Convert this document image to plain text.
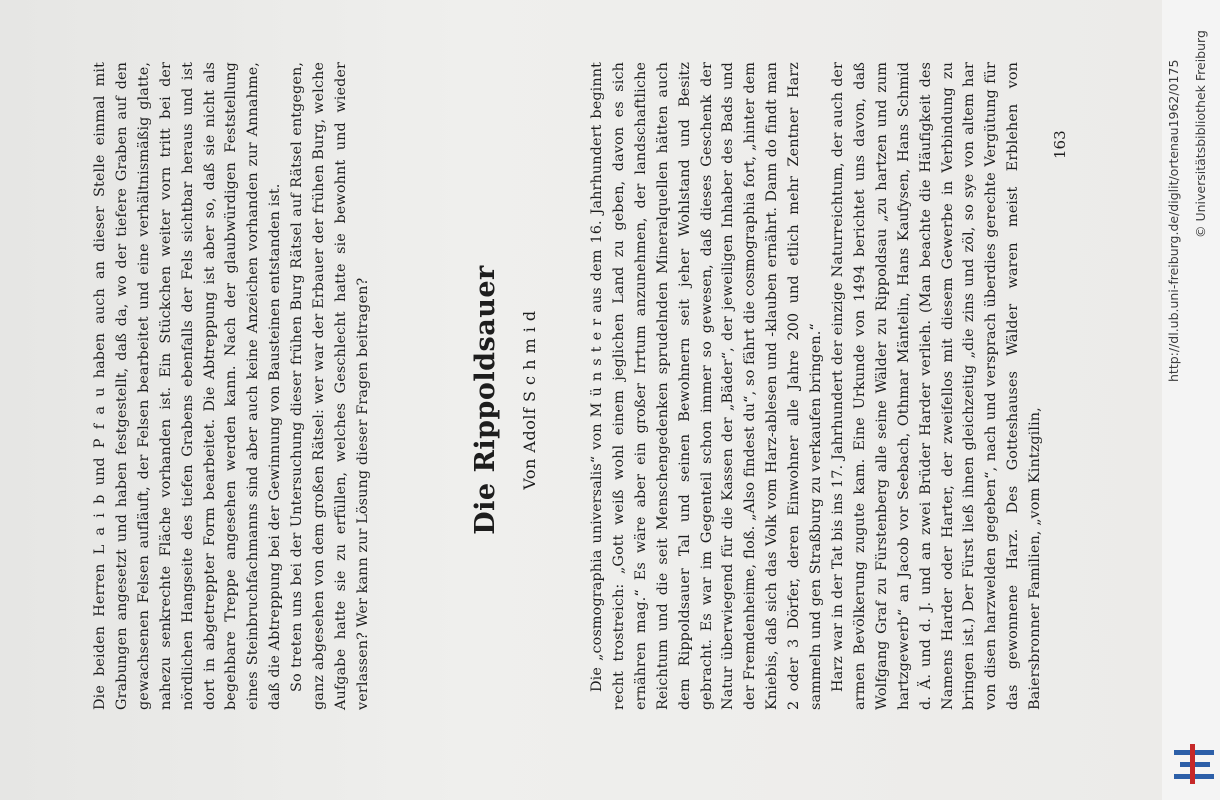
Die beiden Herren L a i b und P f a u haben auch an dieser Stelle einmal mit Grabungen angesetzt und haben festgestellt, daß da, wo der tiefere Graben auf den gewachsenen Felsen aufläuft, der Felsen bearbeitet und eine verhältnismäßig glatte, nahezu senkrechte Fläche vorhanden ist. Ein Stückchen weiter vorn tritt bei der nördlichen Hangseite des tiefen Grabens ebenfalls der Fels sichtbar heraus und ist dort in abgetreppter Form bearbeitet. Die Abtreppung ist aber so, daß sie nicht als begehbare Treppe angesehen werden kann. Nach der glaubwürdigen Feststellung eines Steinbruchfachmanns sind aber auch keine Anzeichen vorhanden zur Annahme, daß die Abtreppung bei der Gewinnung von Bausteinen entstanden ist. So treten uns bei der Untersuchung dieser frühen Burg Rätsel auf Rätsel entgegen, ganz abgesehen von dem großen Rätsel: wer war der Erbauer der frühen Burg, welche Aufgabe hatte sie zu erfüllen, welches Geschlecht hatte sie bewohnt und wieder verlassen? Wer kann zur Lösung dieser Fragen beitragen?	Die Rippoldsauer Von Adolf S c h m i d	Die „cosmographia universalis“ von M ü n s t e r aus dem 16. Jahrhundert beginnt recht trostreich: „Gott weiß wohl einem jeglichen Land zu geben, davon es sich ernähren mag.“ Es wäre aber ein großer Irrtum anzunehmen, der landschaftliche Reichtum und die seit Menschengedenken sprudelnden Mineralquellen hätten auch dem Rippoldsauer Tal und seinen Bewohnern seit jeher Wohlstand und Besitz gebracht. Es war im Gegenteil schon immer so gewesen, daß dieses Geschenk der Natur überwiegend für die Kassen der „Bäder“, der jeweiligen Inhaber des Bads und der Fremdenheime, floß. „Also findest du“, so fährt die cosmographia fort, „hinter dem Kniebis, daß sich das Volk vom Harz-ablesen und -klauben ernährt. Dann do findt man 2 oder 3 Dörfer, deren Einwohner alle Jahre 200 und etlich mehr Zentner Harz sammeln und gen Straßburg zu verkaufen bringen.“ Harz war in der Tat bis ins 17. Jahrhundert der einzige Naturreichtum, der auch der armen Bevölkerung zugute kam. Eine Urkunde von 1494 berichtet uns davon, daß Wolfgang Graf zu Fürstenberg alle seine Wälder zu Rippoldsau „zu hartzen und zum hartzgewerb“ an Jacob vor Seebach, Othmar Mäntelin, Hans Kaufysen, Hans Schmid d. Ä. und d. J. und an zwei Brüder Harder verlieh. (Man beachte die Häufigkeit des Namens Harder oder Harter, der zweifellos mit diesem Gewerbe in Verbindung zu bringen ist.) Der Fürst ließ ihnen gleichzeitig „die zins und zöl, so sye von altem har von disen harzwelden gegeben“, nach und versprach überdies gerechte Vergütung für das gewonnene Harz. Des Gotteshauses Wälder waren meist Erblehen von Baiersbronner Familien, „vom Kintzgilin,

163	http://dl.ub.uni-freiburg.de/diglit/ortenau1962/0175 © Universitätsbibliothek Freiburg
